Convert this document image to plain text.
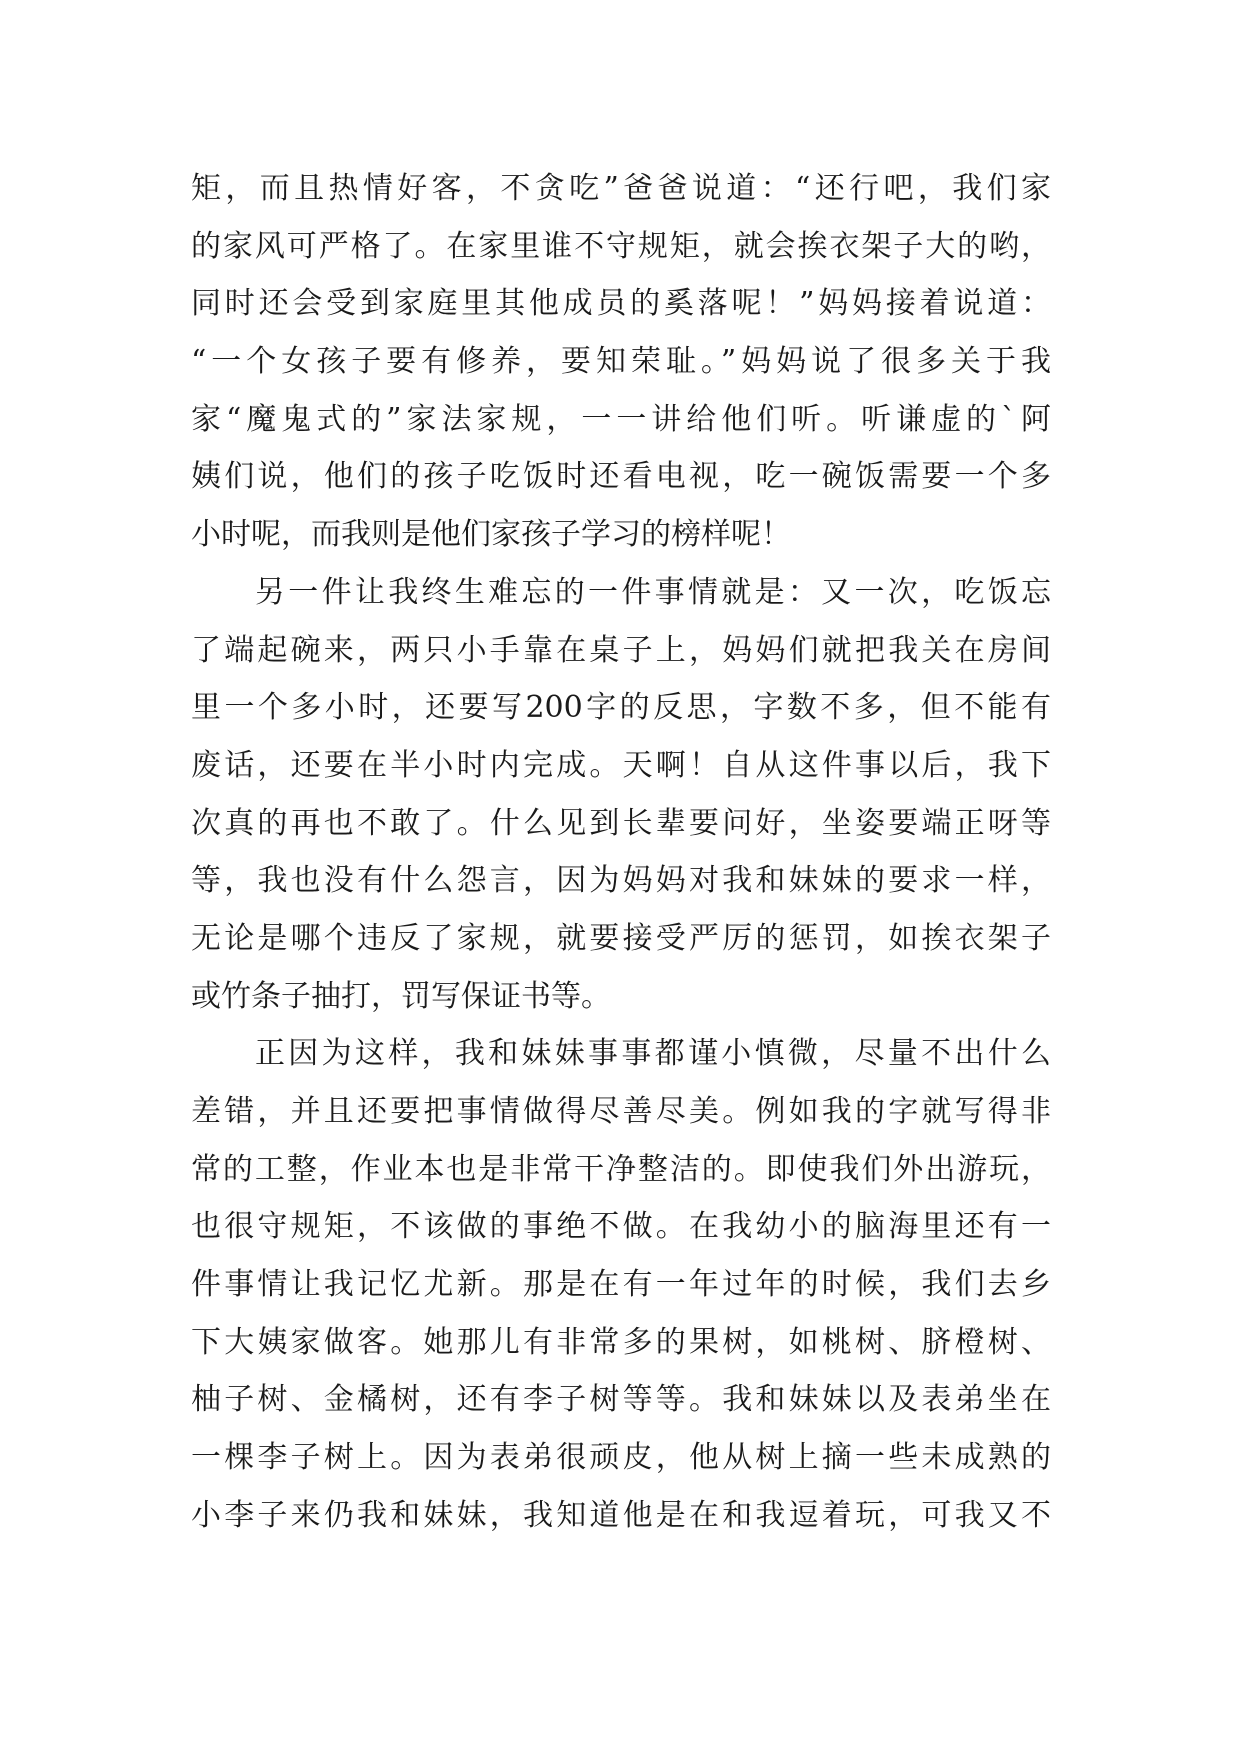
矩，而且热情好客，不贪吃”爸爸说道：“还行吧，我们家
的家风可严格了。在家里谁不守规矩，就会挨衣架子大的哟，
同时还会受到家庭里其他成员的奚落呢！”妈妈接着说道：
“一个女孩子要有修养，要知荣耻。”妈妈说了很多关于我
家“魔鬼式的”家法家规，一一讲给他们听。听谦虚的`阿
姨们说，他们的孩子吃饭时还看电视，吃一碗饭需要一个多
小时呢，而我则是他们家孩子学习的榜样呢！
另一件让我终生难忘的一件事情就是：又一次，吃饭忘
了端起碗来，两只小手靠在桌子上，妈妈们就把我关在房间
里一个多小时，还要写200字的反思，字数不多，但不能有
废话，还要在半小时内完成。天啊！自从这件事以后，我下
次真的再也不敢了。什么见到长辈要问好，坐姿要端正呀等
等，我也没有什么怨言，因为妈妈对我和妹妹的要求一样，
无论是哪个违反了家规，就要接受严厉的惩罚，如挨衣架子
或竹条子抽打，罚写保证书等。
正因为这样，我和妹妹事事都谨小慎微，尽量不出什么
差错，并且还要把事情做得尽善尽美。例如我的字就写得非
常的工整，作业本也是非常干净整洁的。即使我们外出游玩，
也很守规矩，不该做的事绝不做。在我幼小的脑海里还有一
件事情让我记忆尤新。那是在有一年过年的时候，我们去乡
下大姨家做客。她那儿有非常多的果树，如桃树、脐橙树、
柚子树、金橘树，还有李子树等等。我和妹妹以及表弟坐在
一棵李子树上。因为表弟很顽皮，他从树上摘一些未成熟的
小李子来仍我和妹妹，我知道他是在和我逗着玩，可我又不
